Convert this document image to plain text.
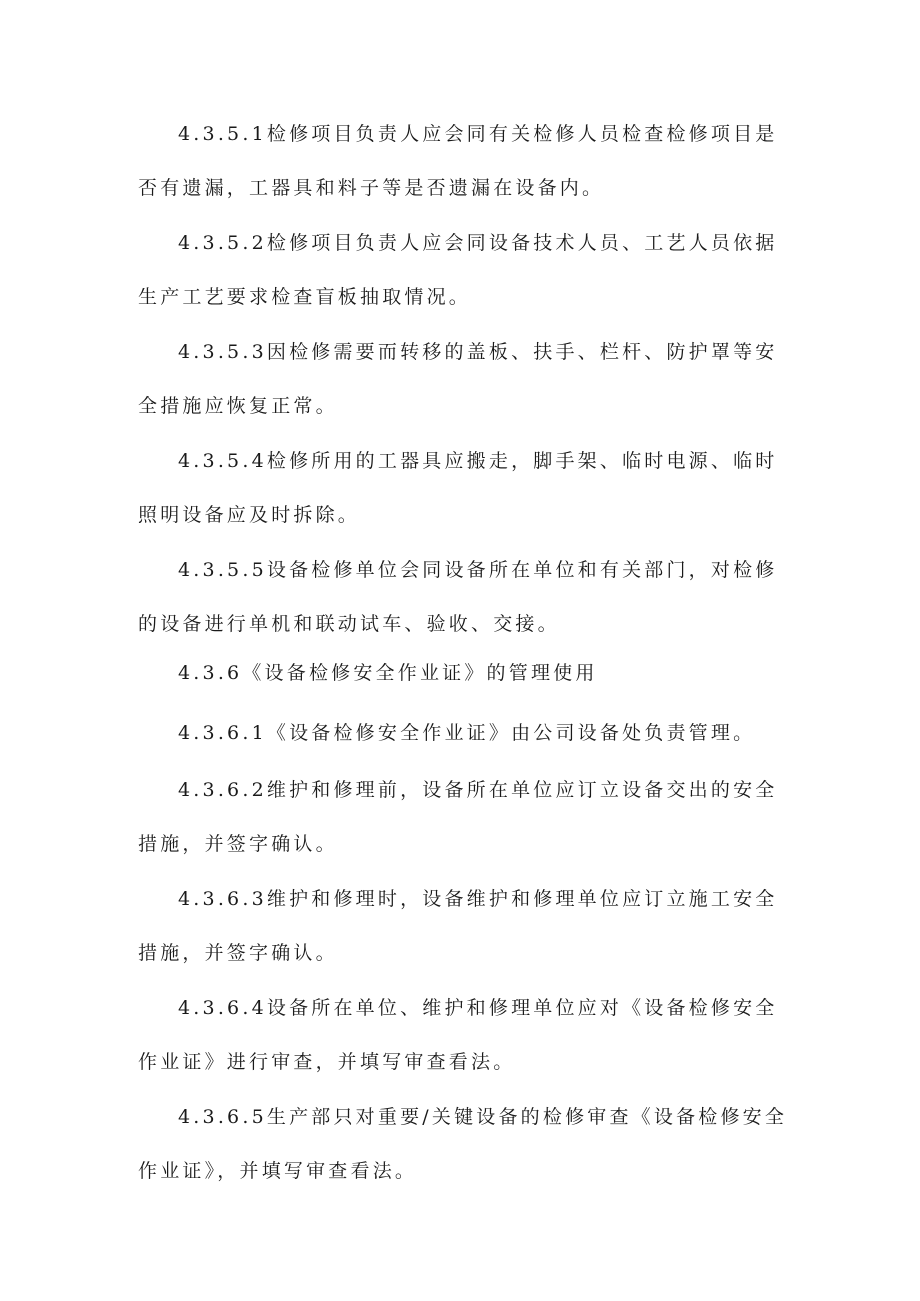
4.3.5.1检修项目负责人应会同有关检修人员检查检修项目是否有遗漏，工器具和料子等是否遗漏在设备内。

4.3.5.2检修项目负责人应会同设备技术人员、工艺人员依据生产工艺要求检查盲板抽取情况。

4.3.5.3因检修需要而转移的盖板、扶手、栏杆、防护罩等安全措施应恢复正常。

4.3.5.4检修所用的工器具应搬走，脚手架、临时电源、临时照明设备应及时拆除。

4.3.5.5设备检修单位会同设备所在单位和有关部门，对检修的设备进行单机和联动试车、验收、交接。

4.3.6《设备检修安全作业证》的管理使用

4.3.6.1《设备检修安全作业证》由公司设备处负责管理。

4.3.6.2维护和修理前，设备所在单位应订立设备交出的安全措施，并签字确认。

4.3.6.3维护和修理时，设备维护和修理单位应订立施工安全措施，并签字确认。

4.3.6.4设备所在单位、维护和修理单位应对《设备检修安全作业证》进行审查，并填写审查看法。

4.3.6.5生产部只对重要/关键设备的检修审查《设备检修安全作业证》，并填写审查看法。
